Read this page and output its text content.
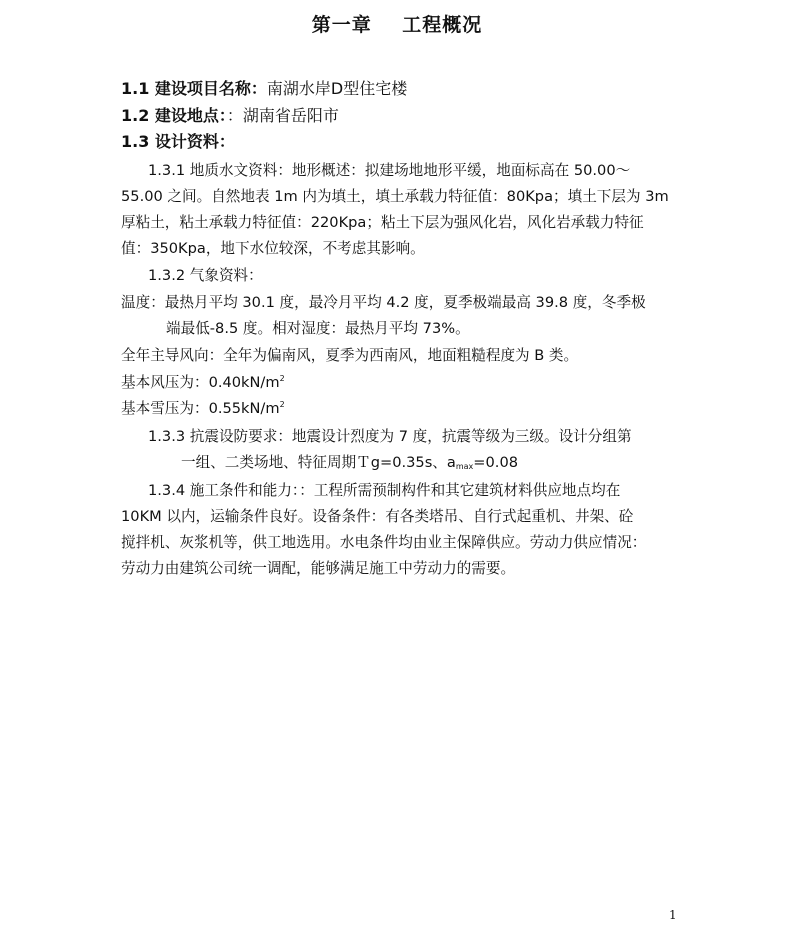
第一章    工程概况
1.1 建设项目名称：南湖水岸D型住宅楼
1.2 建设地点：：湖南省岳阳市
1.3 设计资料：
1.3.1 地质水文资料：地形概述：拟建场地地形平缓，地面标高在 50.00～
55.00 之间。自然地表 1m 内为填土，填土承载力特征值：80Kpa；填土下层为 3m
厚粘土，粘土承载力特征值：220Kpa；粘土下层为强风化岩，风化岩承载力特征
值：350Kpa，地下水位较深，不考虑其影响。
1.3.2 气象资料：
温度：最热月平均 30.1 度，最冷月平均 4.2 度，夏季极端最高 39.8 度，冬季极
端最低-8.5 度。相对湿度：最热月平均 73%。
全年主导风向：全年为偏南风，夏季为西南风，地面粗糙程度为 B 类。
基本风压为：$0.40kN/m^2$
基本雪压为：$0.55kN/m^2$
1.3.3 抗震设防要求：地震设计烈度为 7 度，抗震等级为三级。设计分组第
一组、二类场地、特征周期Ｔg=0.35s、$a_{max}=0.08$
1.3.4 施工条件和能力：：工程所需预制构件和其它建筑材料供应地点均在
10KM 以内，运输条件良好。设备条件：有各类塔吊、自行式起重机、井架、砼
搅拌机、灰浆机等，供工地选用。水电条件均由业主保障供应。劳动力供应情况：
劳动力由建筑公司统一调配，能够满足施工中劳动力的需要。
1
